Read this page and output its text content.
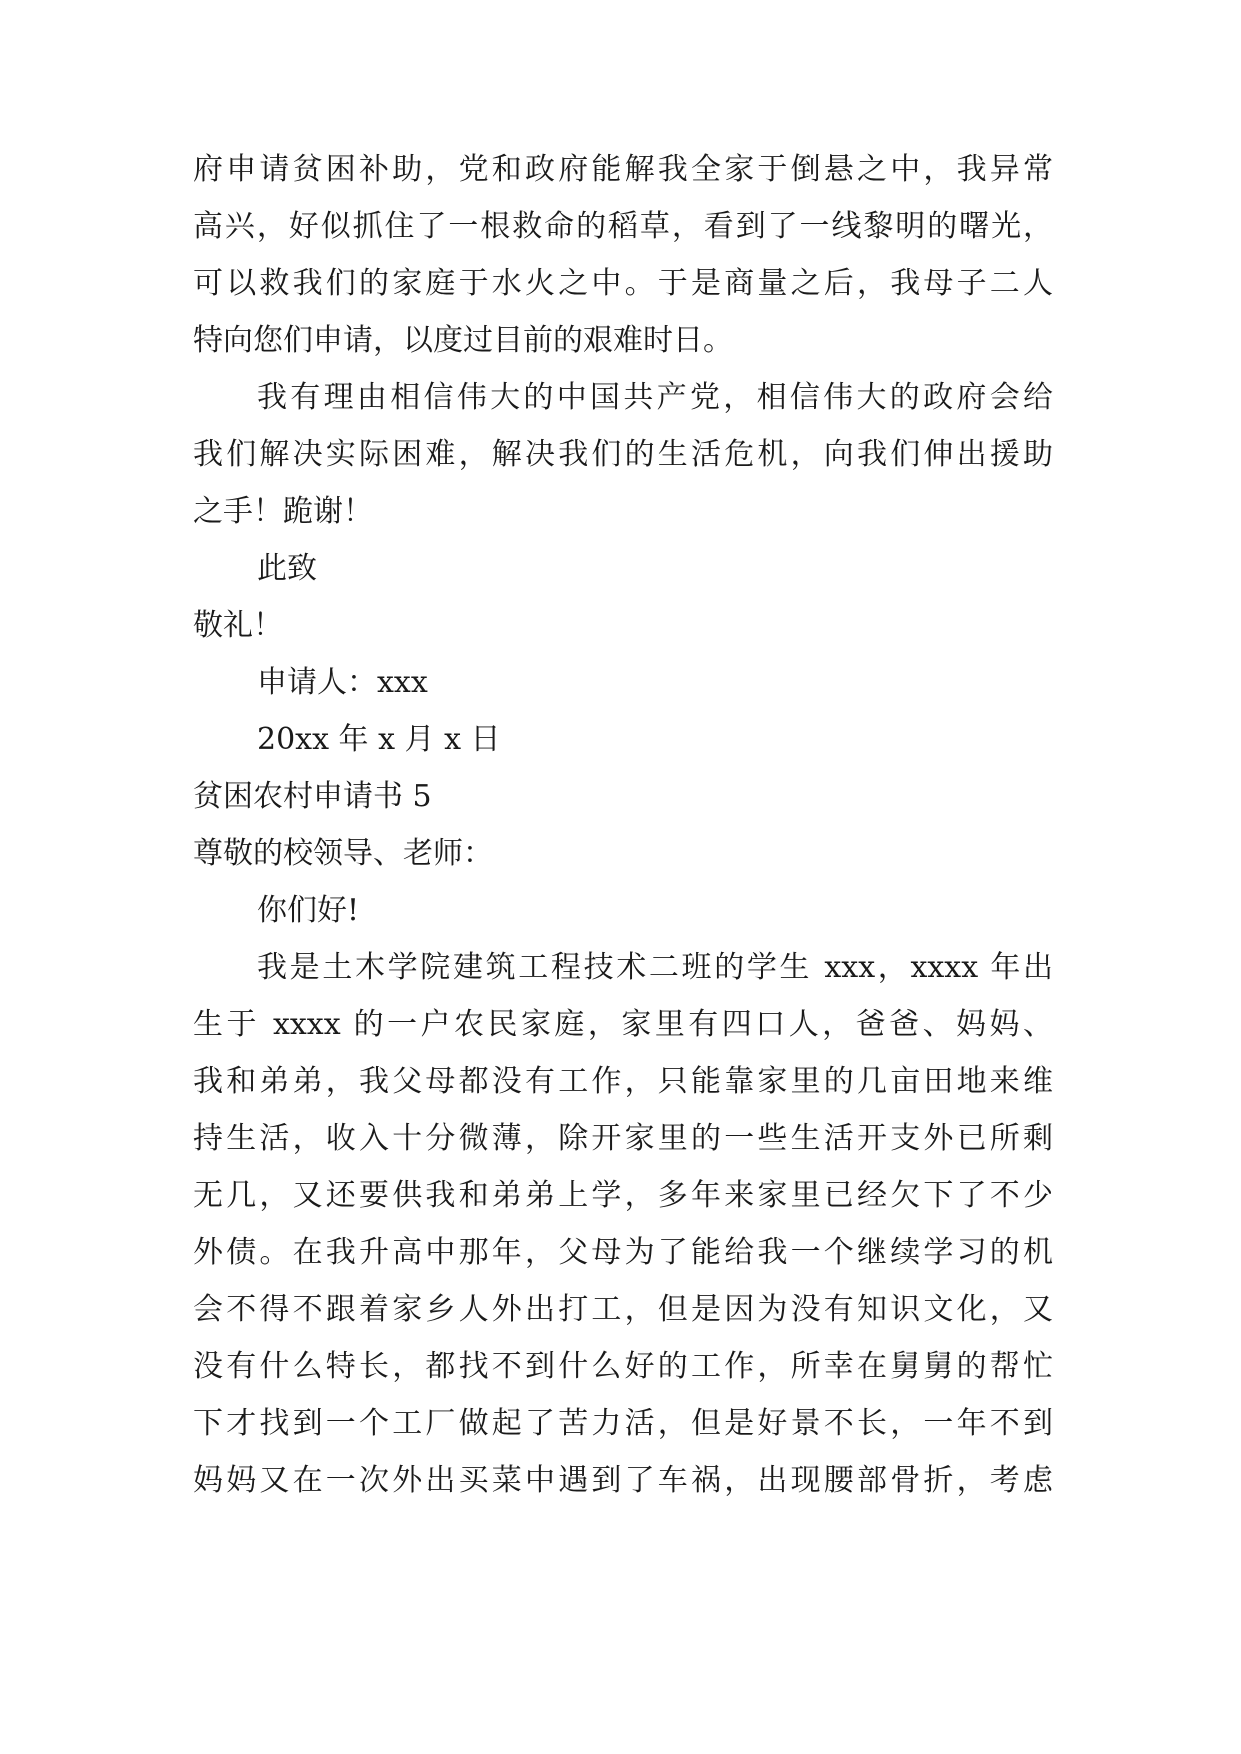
府申请贫困补助，党和政府能解我全家于倒悬之中，我异常
高兴，好似抓住了一根救命的稻草，看到了一线黎明的曙光，
可以救我们的家庭于水火之中。于是商量之后，我母子二人
特向您们申请，以度过目前的艰难时日。
我有理由相信伟大的中国共产党，相信伟大的政府会给
我们解决实际困难，解决我们的生活危机，向我们伸出援助
之手！跪谢！
此致
敬礼！
申请人：xxx
20xx 年 x 月 x 日
贫困农村申请书 5
尊敬的校领导、老师：
你们好!
我是土木学院建筑工程技术二班的学生 xxx，xxxx 年出
生于 xxxx 的一户农民家庭，家里有四口人，爸爸、妈妈、
我和弟弟，我父母都没有工作，只能靠家里的几亩田地来维
持生活，收入十分微薄，除开家里的一些生活开支外已所剩
无几，又还要供我和弟弟上学，多年来家里已经欠下了不少
外债。在我升高中那年，父母为了能给我一个继续学习的机
会不得不跟着家乡人外出打工，但是因为没有知识文化，又
没有什么特长，都找不到什么好的工作，所幸在舅舅的帮忙
下才找到一个工厂做起了苦力活，但是好景不长，一年不到
妈妈又在一次外出买菜中遇到了车祸，出现腰部骨折，考虑
